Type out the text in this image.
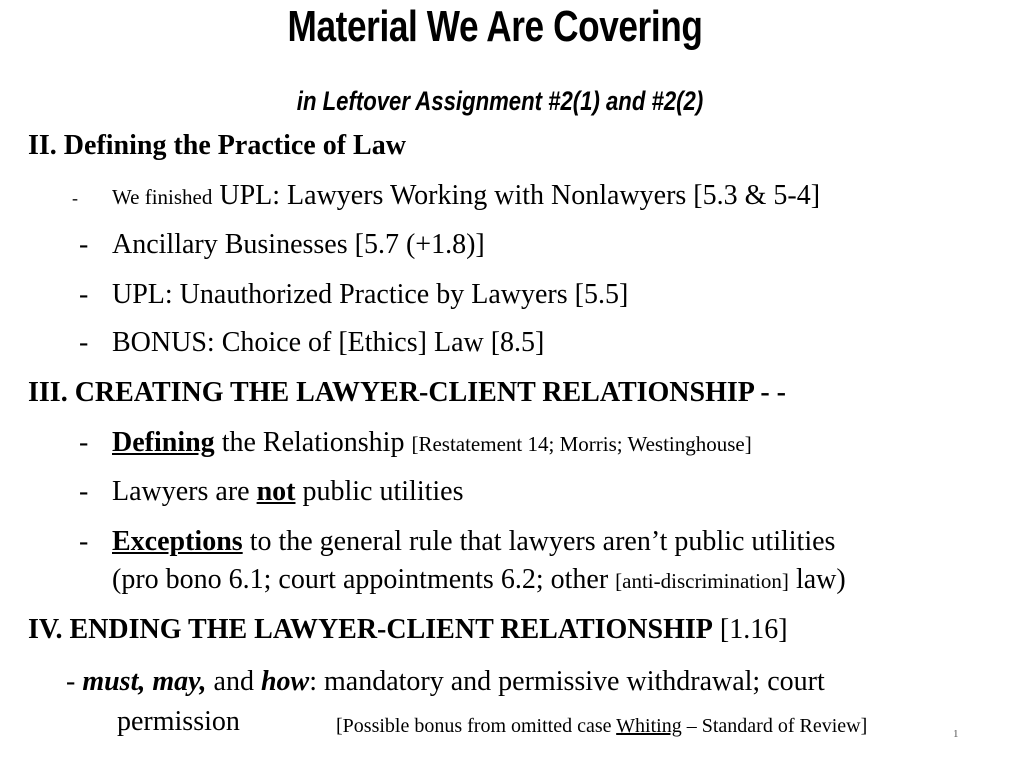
Material We Are Covering
in Leftover Assignment #2(1) and #2(2)
II. Defining the Practice of Law
- We finished UPL: Lawyers Working with Nonlawyers [5.3 & 5-4]
- Ancillary Businesses [5.7 (+1.8)]
- UPL: Unauthorized Practice by Lawyers [5.5]
- BONUS: Choice of [Ethics] Law [8.5]
III. CREATING THE LAWYER-CLIENT RELATIONSHIP - -
- Defining the Relationship [Restatement 14; Morris; Westinghouse]
- Lawyers are not public utilities
- Exceptions to the general rule that lawyers aren’t public utilities
(pro bono 6.1; court appointments 6.2; other [anti-discrimination] law)
IV. ENDING THE LAWYER-CLIENT RELATIONSHIP [1.16]
- must, may, and how: mandatory and permissive withdrawal; court
permission	[Possible bonus from omitted case Whiting – Standard of Review]	1
